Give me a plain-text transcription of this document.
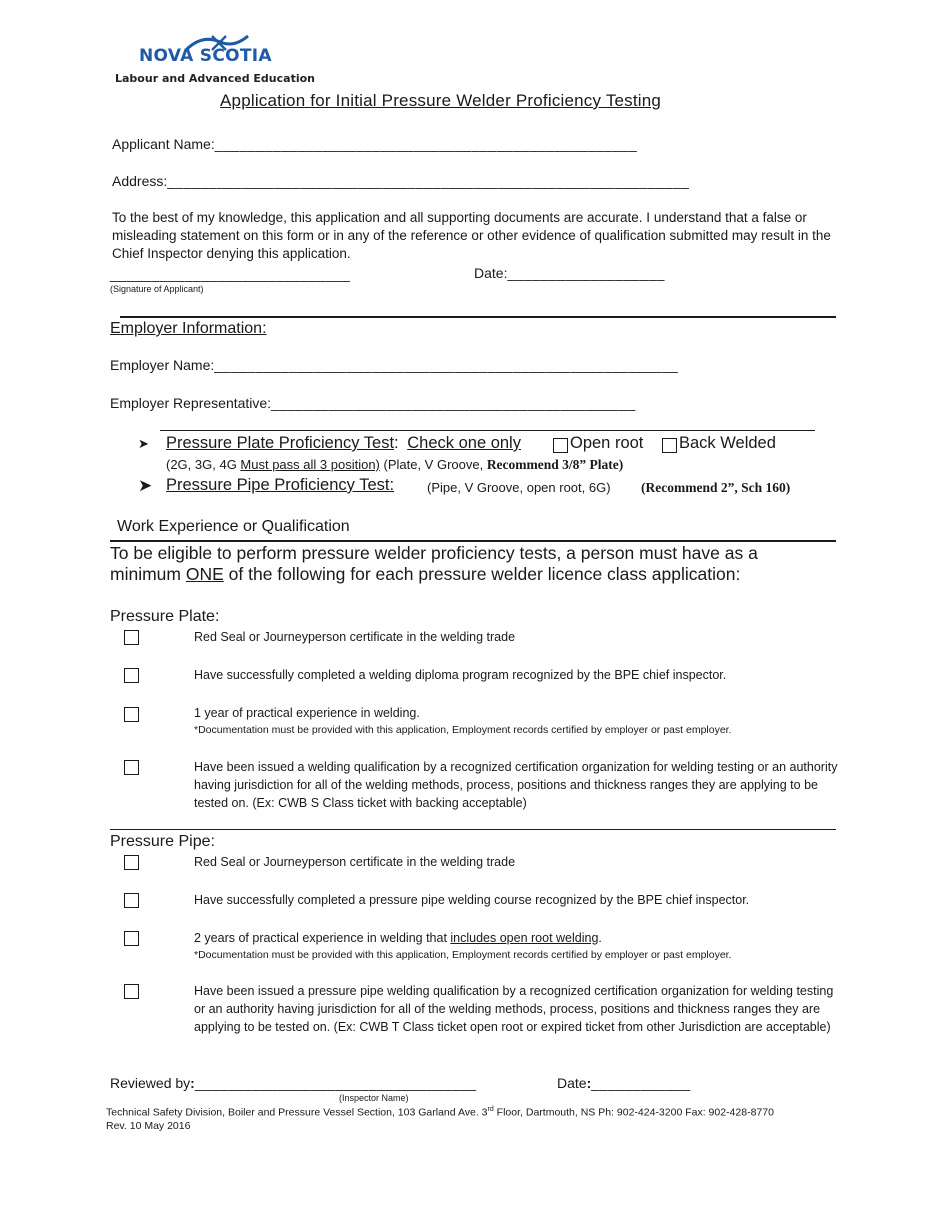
NOVA SCOTIA
Labour and Advanced Education
Application for Initial Pressure Welder Proficiency Testing
Applicant Name:___________________________________________________
Address:_______________________________________________________________
To the best of my knowledge, this application and all supporting documents are accurate. I understand that a false or misleading statement on this form or in any of the reference or other evidence of qualification submitted may result in the Chief Inspector denying this application.
_____________________________
(Signature of Applicant)
Date:___________________
Employer Information:
Employer Name:________________________________________________________
Employer Representative:____________________________________________
➤ Pressure Plate Proficiency Test: Check one only	Open root Back Welded
(2G, 3G, 4G Must pass all 3 position) (Plate, V Groove, Recommend 3/8” Plate)
➤ Pressure Pipe Proficiency Test:	(Pipe, V Groove, open root, 6G) (Recommend 2”, Sch 160)
Work Experience or Qualification
To be eligible to perform pressure welder proficiency tests, a person must have as a
minimum ONE of the following for each pressure welder licence class application:
Pressure Plate:
Red Seal or Journeyperson certificate in the welding trade
Have successfully completed a welding diploma program recognized by the BPE chief inspector.
1 year of practical experience in welding.
*Documentation must be provided with this application, Employment records certified by employer or past employer.
Have been issued a welding qualification by a recognized certification organization for welding testing or an authority having jurisdiction for all of the welding methods, process, positions and thickness ranges they are applying to be tested on. (Ex: CWB S Class ticket with backing acceptable)
Pressure Pipe:
Red Seal or Journeyperson certificate in the welding trade
Have successfully completed a pressure pipe welding course recognized by the BPE chief inspector.
2 years of practical experience in welding that includes open root welding.
*Documentation must be provided with this application, Employment records certified by employer or past employer.
Have been issued a pressure pipe welding qualification by a recognized certification organization for welding testing or an authority having jurisdiction for all of the welding methods, process, positions and thickness ranges they are applying to be tested on. (Ex: CWB T Class ticket open root or expired ticket from other Jurisdiction are acceptable)
Reviewed by:__________________________________
(Inspector Name)
Date:____________
Technical Safety Division, Boiler and Pressure Vessel Section, 103 Garland Ave. 3rd Floor, Dartmouth, NS Ph: 902-424-3200 Fax: 902-428-8770
Rev. 10 May 2016
